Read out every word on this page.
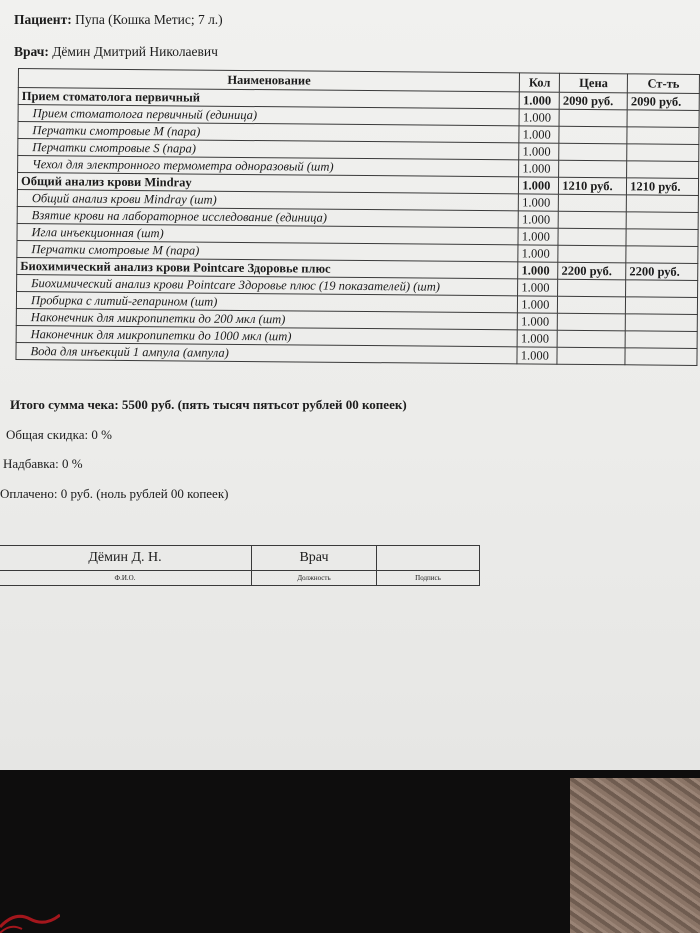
Пациент: Пупа (Кошка Метис; 7 л.)
Врач: Дёмин Дмитрий Николаевич
Наименование	Кол	Цена	Ст-ть
Прием стоматолога первичный	1.000	2090 руб.	2090 руб.
Прием стоматолога первичный (единица)	1.000		
Перчатки смотровые M (пара)	1.000		
Перчатки смотровые S (пара)	1.000		
Чехол для электронного термометра одноразовый (шт)	1.000		
Общий анализ крови Mindray	1.000	1210 руб.	1210 руб.
Общий анализ крови Mindray (шт)	1.000		
Взятие крови на лабораторное исследование (единица)	1.000		
Игла инъекционная (шт)	1.000		
Перчатки смотровые M (пара)	1.000		
Биохимический анализ крови Pointcare Здоровье плюс	1.000	2200 руб.	2200 руб.
Биохимический анализ крови Pointcare Здоровье плюс (19 показателей) (шт)	1.000		
Пробирка с литий-гепарином (шт)	1.000		
Наконечник для микропипетки до 200 мкл (шт)	1.000		
Наконечник для микропипетки до 1000 мкл (шт)	1.000		
Вода для инъекций 1 ампула (ампула)	1.000		
Итого сумма чека: 5500 руб. (пять тысяч пятьсот рублей 00 копеек)
Общая скидка: 0 %
Надбавка: 0 %
Оплачено: 0 руб. (ноль рублей 00 копеек)
Дёмин Д. Н.	Врач	
Ф.И.О.	Должность	Подпись
